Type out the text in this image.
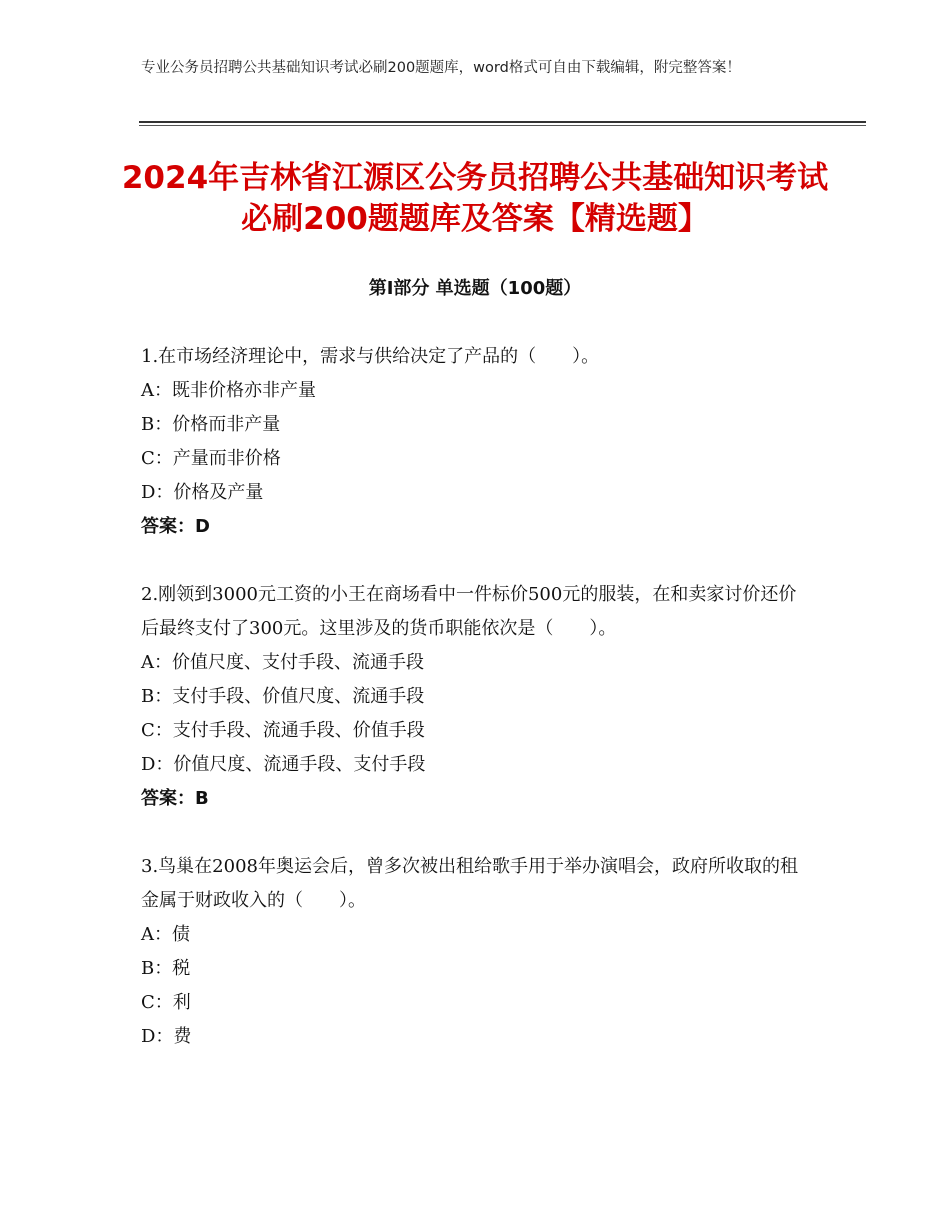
专业公务员招聘公共基础知识考试必刷200题题库，word格式可自由下载编辑，附完整答案！
2024年吉林省江源区公务员招聘公共基础知识考试必刷200题题库及答案【精选题】
第I部分 单选题（100题）

1.在市场经济理论中，需求与供给决定了产品的（　　）。

A：既非价格亦非产量

B：价格而非产量

C：产量而非价格

D：价格及产量

答案：D

2.刚领到3000元工资的小王在商场看中一件标价500元的服装，在和卖家讨价还价后最终支付了300元。这里涉及的货币职能依次是（　　）。

A：价值尺度、支付手段、流通手段

B：支付手段、价值尺度、流通手段

C：支付手段、流通手段、价值手段

D：价值尺度、流通手段、支付手段

答案：B

3.鸟巢在2008年奥运会后，曾多次被出租给歌手用于举办演唱会，政府所收取的租金属于财政收入的（　　）。

A：债

B：税

C：利

D：费
